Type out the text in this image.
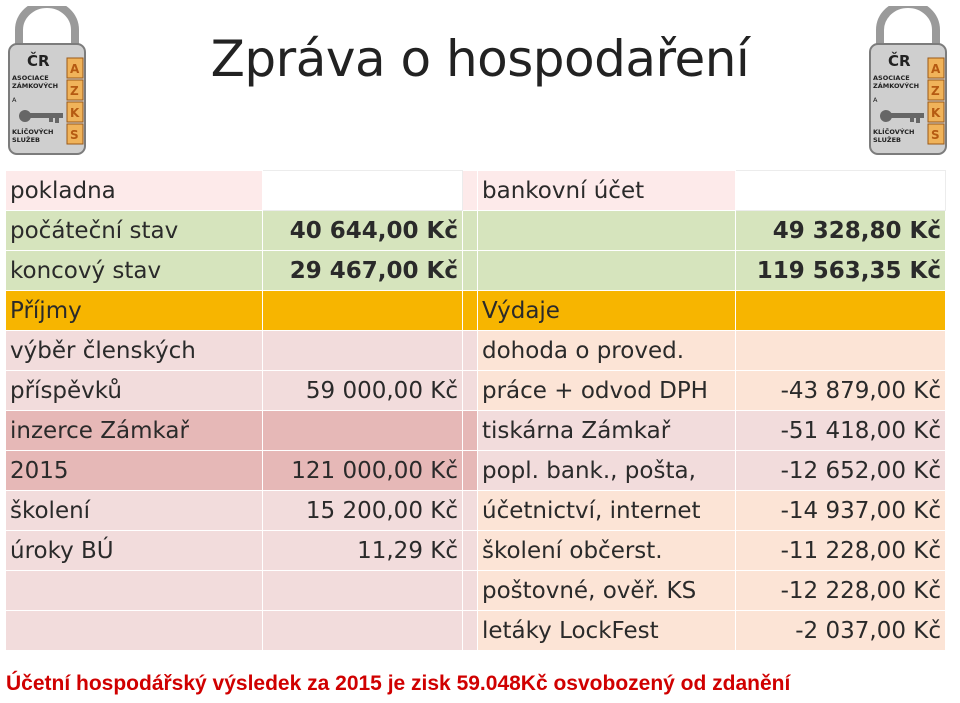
ČR
ASOCIACE
ZÁMKOVÝCH
A
KLÍČOVÝCH
SLUŽEB
A
Z
K
S
ČR
ASOCIACE
ZÁMKOVÝCH
A
KLÍČOVÝCH
SLUŽEB
A
Z
K
S
Zpráva o hospodaření
pokladna			bankovní účet	
počáteční stav	40 644,00 Kč			49 328,80 Kč
koncový stav	29 467,00 Kč			119 563,35 Kč
Příjmy			Výdaje	
výběr členských			dohoda o proved.	
příspěvků	59 000,00 Kč		práce + odvod DPH	-43 879,00 Kč
inzerce Zámkař			tiskárna Zámkař	-51 418,00 Kč
2015	121 000,00 Kč		popl. bank., pošta,	-12 652,00 Kč
školení	15 200,00 Kč		účetnictví, internet	-14 937,00 Kč
úroky BÚ	11,29 Kč		školení občerst.	-11 228,00 Kč
			poštovné, ověř. KS	-12 228,00 Kč
			letáky LockFest	-2 037,00 Kč
Účetní hospodářský výsledek za 2015 je zisk 59.048Kč osvobozený od zdanění
